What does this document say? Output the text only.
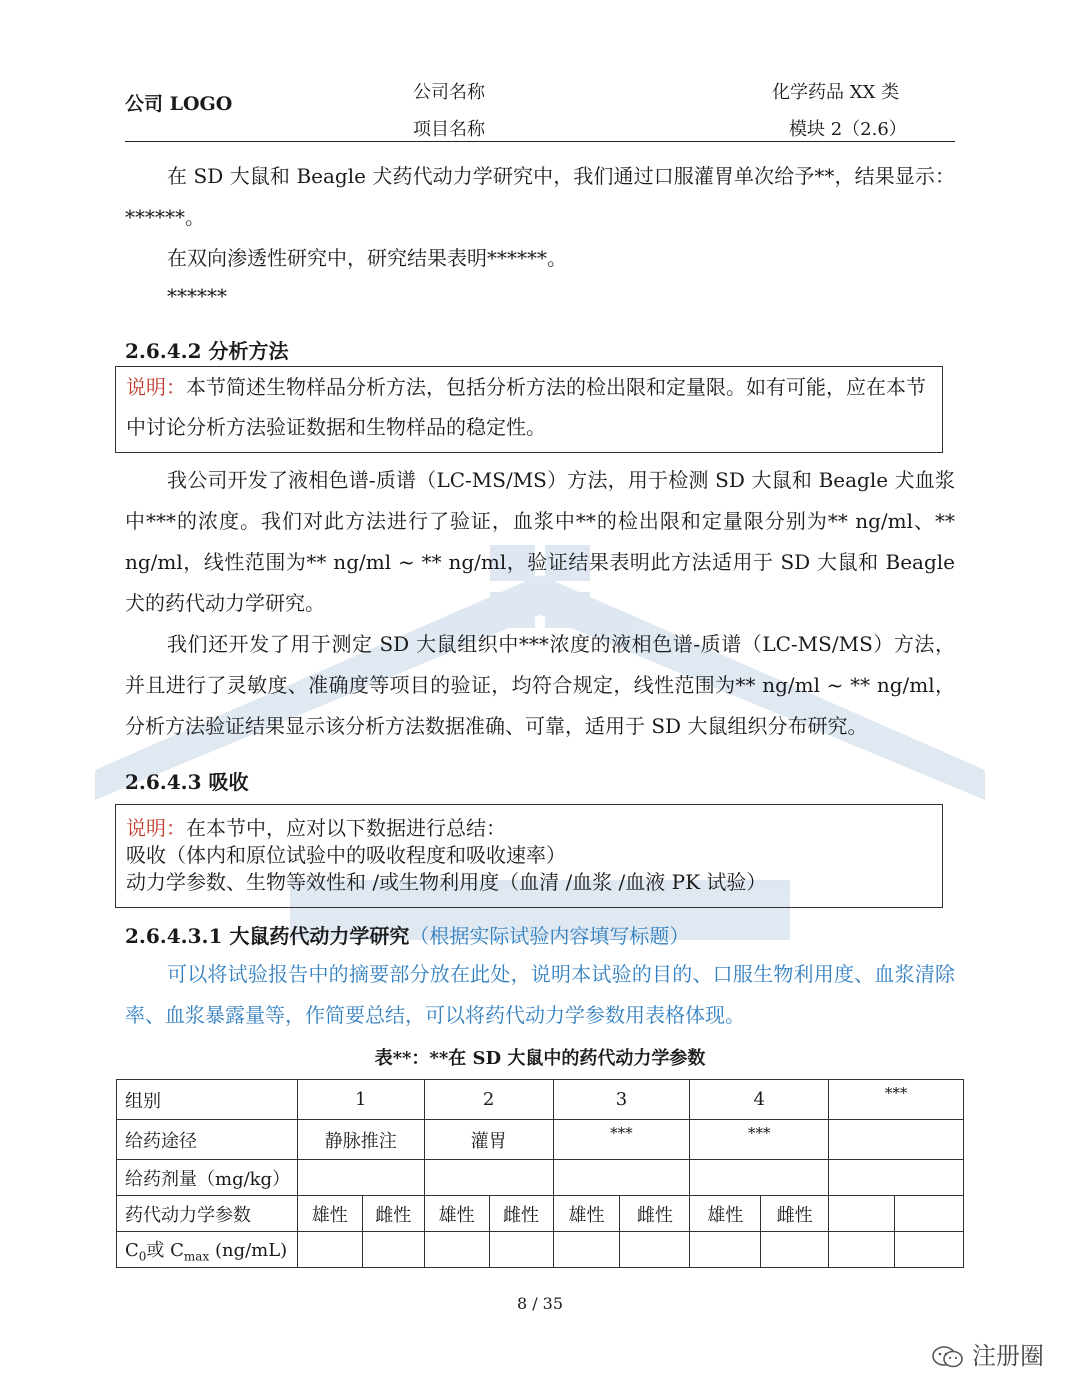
公司 LOGO
公司名称
项目名称
化学药品 XX 类
模块 2（2.6）
在 SD 大鼠和 Beagle 犬药代动力学研究中，我们通过口服灌胃单次给予**，结果显示：******。
在双向渗透性研究中，研究结果表明******。
******
2.6.4.2 分析方法
说明：本节简述生物样品分析方法，包括分析方法的检出限和定量限。如有可能，应在本节中讨论分析方法验证数据和生物样品的稳定性。
我公司开发了液相色谱-质谱（LC-MS/MS）方法，用于检测 SD 大鼠和 Beagle 犬血浆中***的浓度。我们对此方法进行了验证，血浆中**的检出限和定量限分别为** ng/ml、** ng/ml，线性范围为** ng/ml ~ ** ng/ml，验证结果表明此方法适用于 SD 大鼠和 Beagle 犬的药代动力学研究。
我们还开发了用于测定 SD 大鼠组织中***浓度的液相色谱-质谱（LC-MS/MS）方法，并且进行了灵敏度、准确度等项目的验证，均符合规定，线性范围为** ng/ml ~ ** ng/ml，分析方法验证结果显示该分析方法数据准确、可靠，适用于 SD 大鼠组织分布研究。
2.6.4.3 吸收
说明：在本节中，应对以下数据进行总结：
吸收（体内和原位试验中的吸收程度和吸收速率）
动力学参数、生物等效性和 /或生物利用度（血清 /血浆 /血液 PK 试验）
2.6.4.3.1 大鼠药代动力学研究（根据实际试验内容填写标题）
可以将试验报告中的摘要部分放在此处，说明本试验的目的、口服生物利用度、血浆清除率、血浆暴露量等，作简要总结，可以将药代动力学参数用表格体现。
表**：**在 SD 大鼠中的药代动力学参数
组别	1		2		3		4		***	
给药途径	静脉推注		灌胃		***		***			
给药剂量（mg/kg）										
药代动力学参数	雄性	雌性	雄性	雌性	雄性	雌性	雄性	雌性		
$C_0$或 $C_{max}$ (ng/mL)										
8 / 35
注册圈
